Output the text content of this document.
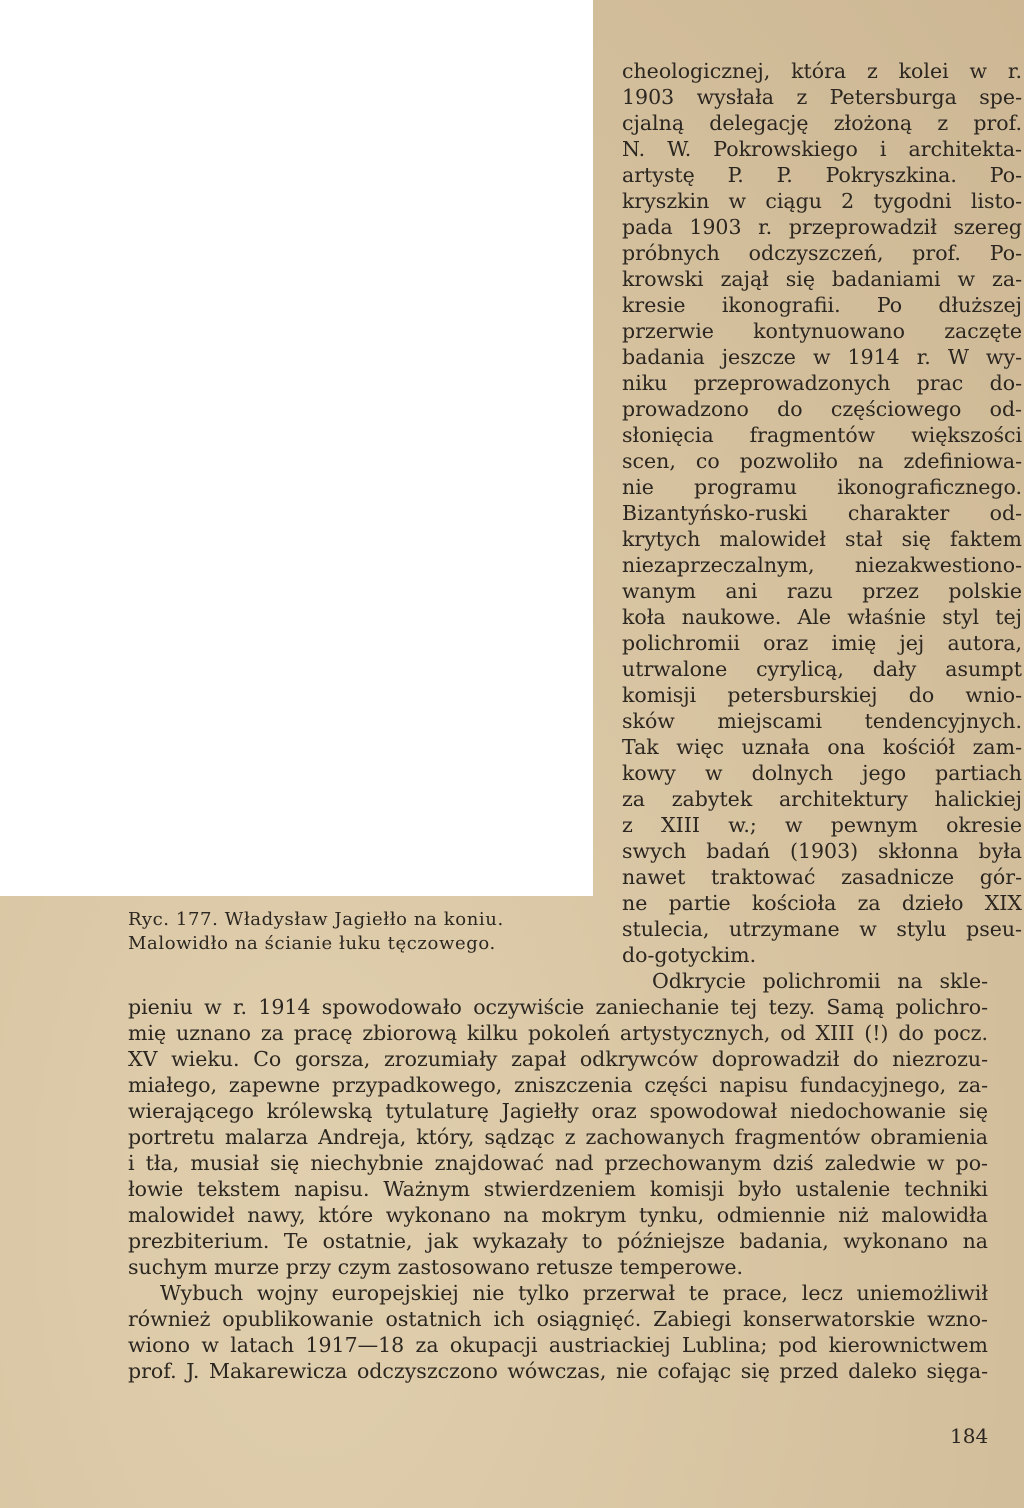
cheologicznej, która z kolei w r.
1903 wysłała z Petersburga spe-
cjalną delegację złożoną z prof.
N. W. Pokrowskiego i architekta-
artystę P. P. Pokryszkina. Po-
kryszkin w ciągu 2 tygodni listo-
pada 1903 r. przeprowadził szereg
próbnych odczyszczeń, prof. Po-
krowski zajął się badaniami w za-
kresie ikonografii. Po dłuższej
przerwie kontynuowano zaczęte
badania jeszcze w 1914 r. W wy-
niku przeprowadzonych prac do-
prowadzono do częściowego od-
słonięcia fragmentów większości
scen, co pozwoliło na zdefiniowa-
nie programu ikonograficznego.
Bizantyńsko-ruski charakter od-
krytych malowideł stał się faktem
niezaprzeczalnym, niezakwestiono-
wanym ani razu przez polskie
koła naukowe. Ale właśnie styl tej
polichromii oraz imię jej autora,
utrwalone cyrylicą, dały asumpt
komisji petersburskiej do wnio-
sków miejscami tendencyjnych.
Tak więc uznała ona kościół zam-
kowy w dolnych jego partiach
za zabytek architektury halickiej
z XIII w.; w pewnym okresie
swych badań (1903) skłonna była
nawet traktować zasadnicze gór-
ne partie kościoła za dzieło XIX
stulecia, utrzymane w stylu pseu-
do-gotyckim.
Ryc. 177. Władysław Jagiełło na koniu.
Malowidło na ścianie łuku tęczowego.
Odkrycie polichromii na skle-
pieniu w r. 1914 spowodowało oczywiście zaniechanie tej tezy. Samą polichro-
mię uznano za pracę zbiorową kilku pokoleń artystycznych, od XIII (!) do pocz.
XV wieku. Co gorsza, zrozumiały zapał odkrywców doprowadził do niezrozu-
miałego, zapewne przypadkowego, zniszczenia części napisu fundacyjnego, za-
wierającego królewską tytulaturę Jagiełły oraz spowodował niedochowanie się
portretu malarza Andreja, który, sądząc z zachowanych fragmentów obramienia
i tła, musiał się niechybnie znajdować nad przechowanym dziś zaledwie w po-
łowie tekstem napisu. Ważnym stwierdzeniem komisji było ustalenie techniki
malowideł nawy, które wykonano na mokrym tynku, odmiennie niż malowidła
prezbiterium. Te ostatnie, jak wykazały to późniejsze badania, wykonano na
suchym murze przy czym zastosowano retusze temperowe.
Wybuch wojny europejskiej nie tylko przerwał te prace, lecz uniemożliwił
również opublikowanie ostatnich ich osiągnięć. Zabiegi konserwatorskie wzno-
wiono w latach 1917—18 za okupacji austriackiej Lublina; pod kierownictwem
prof. J. Makarewicza odczyszczono wówczas, nie cofając się przed daleko sięga-
184
